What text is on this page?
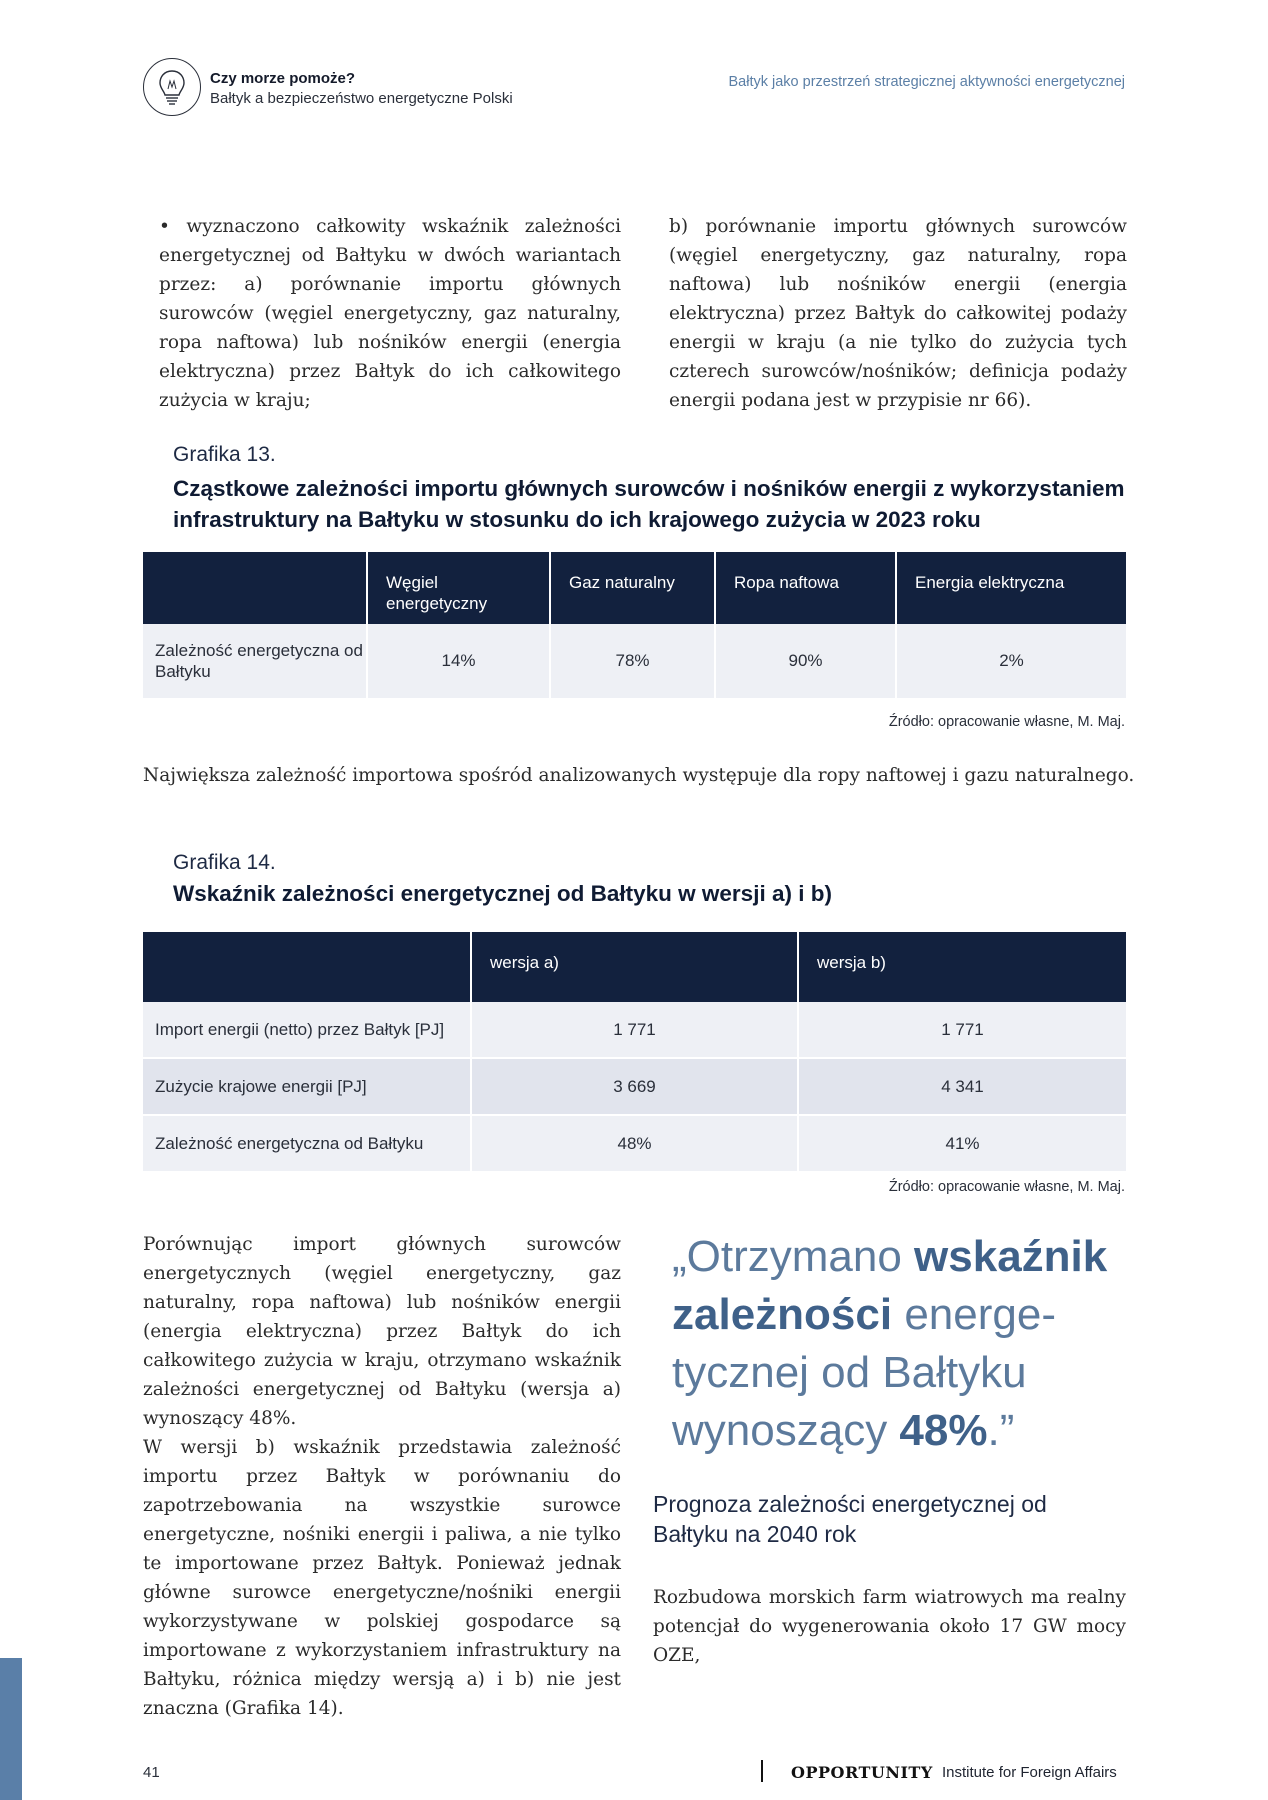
Czy morze pomoże?
Bałtyk a bezpieczeństwo energetyczne Polski
Bałtyk jako przestrzeń strategicznej aktywności energetycznej

• wyznaczono całkowity wskaźnik zależności energetycznej od Bałtyku w dwóch wariantach przez: a) porównanie importu głównych surowców (węgiel energetyczny, gaz naturalny, ropa naftowa) lub nośników energii (energia elektryczna) przez Bałtyk do ich całkowitego zużycia w kraju;

b) porównanie importu głównych surowców (węgiel energetyczny, gaz naturalny, ropa naftowa) lub nośników energii (energia elektryczna) przez Bałtyk do całkowitej podaży energii w kraju (a nie tylko do zużycia tych czterech surowców/nośników; definicja podaży energii podana jest w przypisie nr 66).

Grafika 13.
Cząstkowe zależności importu głównych surowców i nośników energii z wykorzystaniem infrastruktury na Bałtyku w stosunku do ich krajowego zużycia w 2023 roku
	Węgiel energetyczny	Gaz naturalny	Ropa naftowa	Energia elektryczna
Zależność energetyczna od Bałtyku	14%	78%	90%	2%
Źródło: opracowanie własne, M. Maj.
Największa zależność importowa spośród analizowanych występuje dla ropy naftowej i gazu naturalnego.
Grafika 14.
Wskaźnik zależności energetycznej od Bałtyku w wersji a) i b)
	wersja a)	wersja b)
Import energii (netto) przez Bałtyk [PJ]	1 771	1 771
Zużycie krajowe energii [PJ]	3 669	4 341
Zależność energetyczna od Bałtyku	48%	41%
Źródło: opracowanie własne, M. Maj.

Porównując import głównych surowców energetycznych (węgiel energetyczny, gaz naturalny, ropa naftowa) lub nośników energii (energia elektryczna) przez Bałtyk do ich całkowitego zużycia w kraju, otrzymano wskaźnik zależności energetycznej od Bałtyku (wersja a) wynoszący 48%.

W wersji b) wskaźnik przedstawia zależność importu przez Bałtyk w porównaniu do zapotrzebowania na wszystkie surowce energetyczne, nośniki energii i paliwa, a nie tylko te importowane przez Bałtyk. Ponieważ jednak główne surowce energetyczne/nośniki energii wykorzystywane w polskiej gospodarce są importowane z wykorzystaniem infrastruktury na Bałtyku, różnica między wersją a) i b) nie jest znaczna (Grafika 14).

„Otrzymano wskaźnik zależności energetycznej od Bałtyku wynoszący 48%.”
Prognoza zależności energetycznej od Bałtyku na 2040 rok

Rozbudowa morskich farm wiatrowych ma realny potencjał do wygenerowania około 17 GW mocy OZE,

41	OPPORTUNITY Institute for Foreign Affairs
